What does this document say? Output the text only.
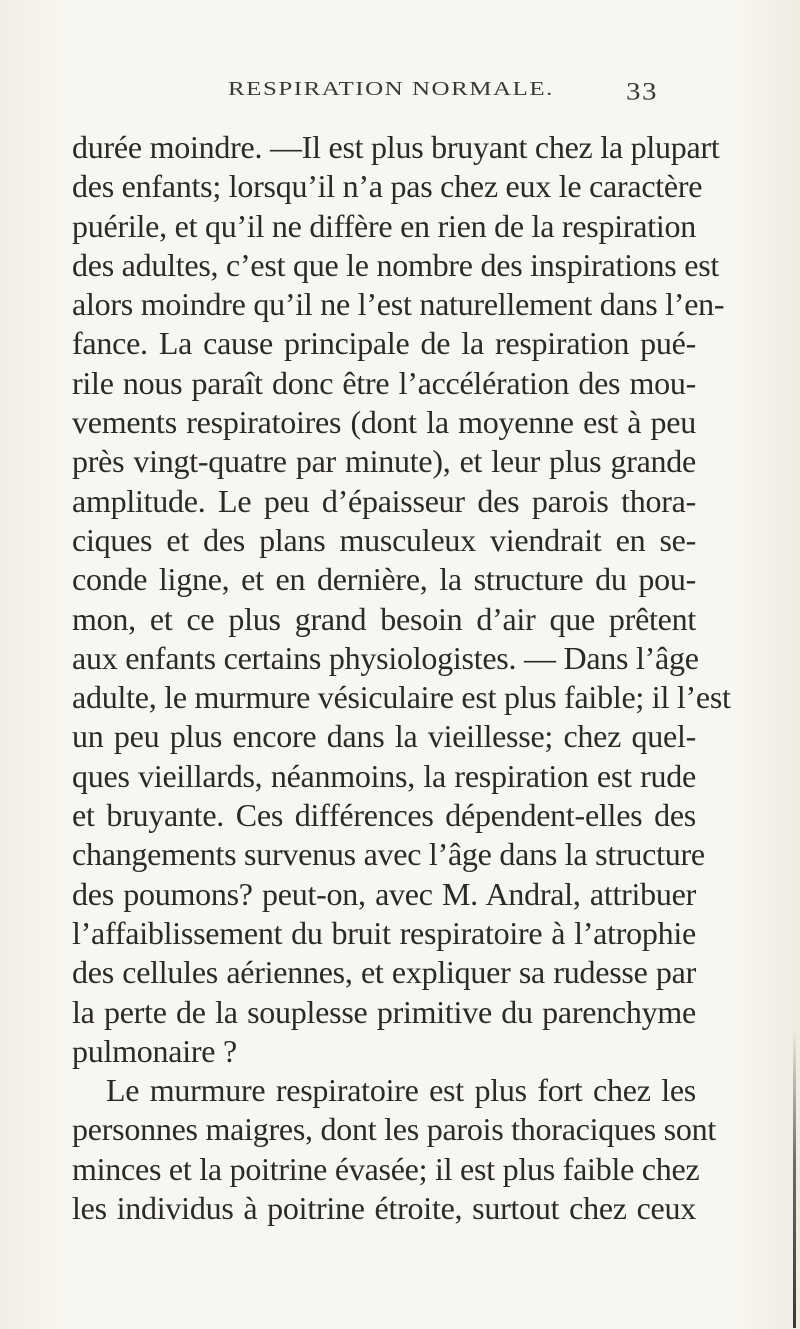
RESPIRATION NORMALE. 33
durée moindre. —Il est plus bruyant chez la plupart
des enfants; lorsqu’il n’a pas chez eux le caractère
puérile, et qu’il ne diffère en rien de la respiration
des adultes, c’est que le nombre des inspirations est
alors moindre qu’il ne l’est naturellement dans l’en-
fance. La cause principale de la respiration pué-
rile nous paraît donc être l’accélération des mou-
vements respiratoires (dont la moyenne est à peu
près vingt-quatre par minute), et leur plus grande
amplitude. Le peu d’épaisseur des parois thora-
ciques et des plans musculeux viendrait en se-
conde ligne, et en dernière, la structure du pou-
mon, et ce plus grand besoin d’air que prêtent
aux enfants certains physiologistes. — Dans l’âge
adulte, le murmure vésiculaire est plus faible; il l’est
un peu plus encore dans la vieillesse; chez quel-
ques vieillards, néanmoins, la respiration est rude
et bruyante. Ces différences dépendent-elles des
changements survenus avec l’âge dans la structure
des poumons? peut-on, avec M. Andral, attribuer
l’affaiblissement du bruit respiratoire à l’atrophie
des cellules aériennes, et expliquer sa rudesse par
la perte de la souplesse primitive du parenchyme
pulmonaire ?
Le murmure respiratoire est plus fort chez les
personnes maigres, dont les parois thoraciques sont
minces et la poitrine évasée; il est plus faible chez
les individus à poitrine étroite, surtout chez ceux
